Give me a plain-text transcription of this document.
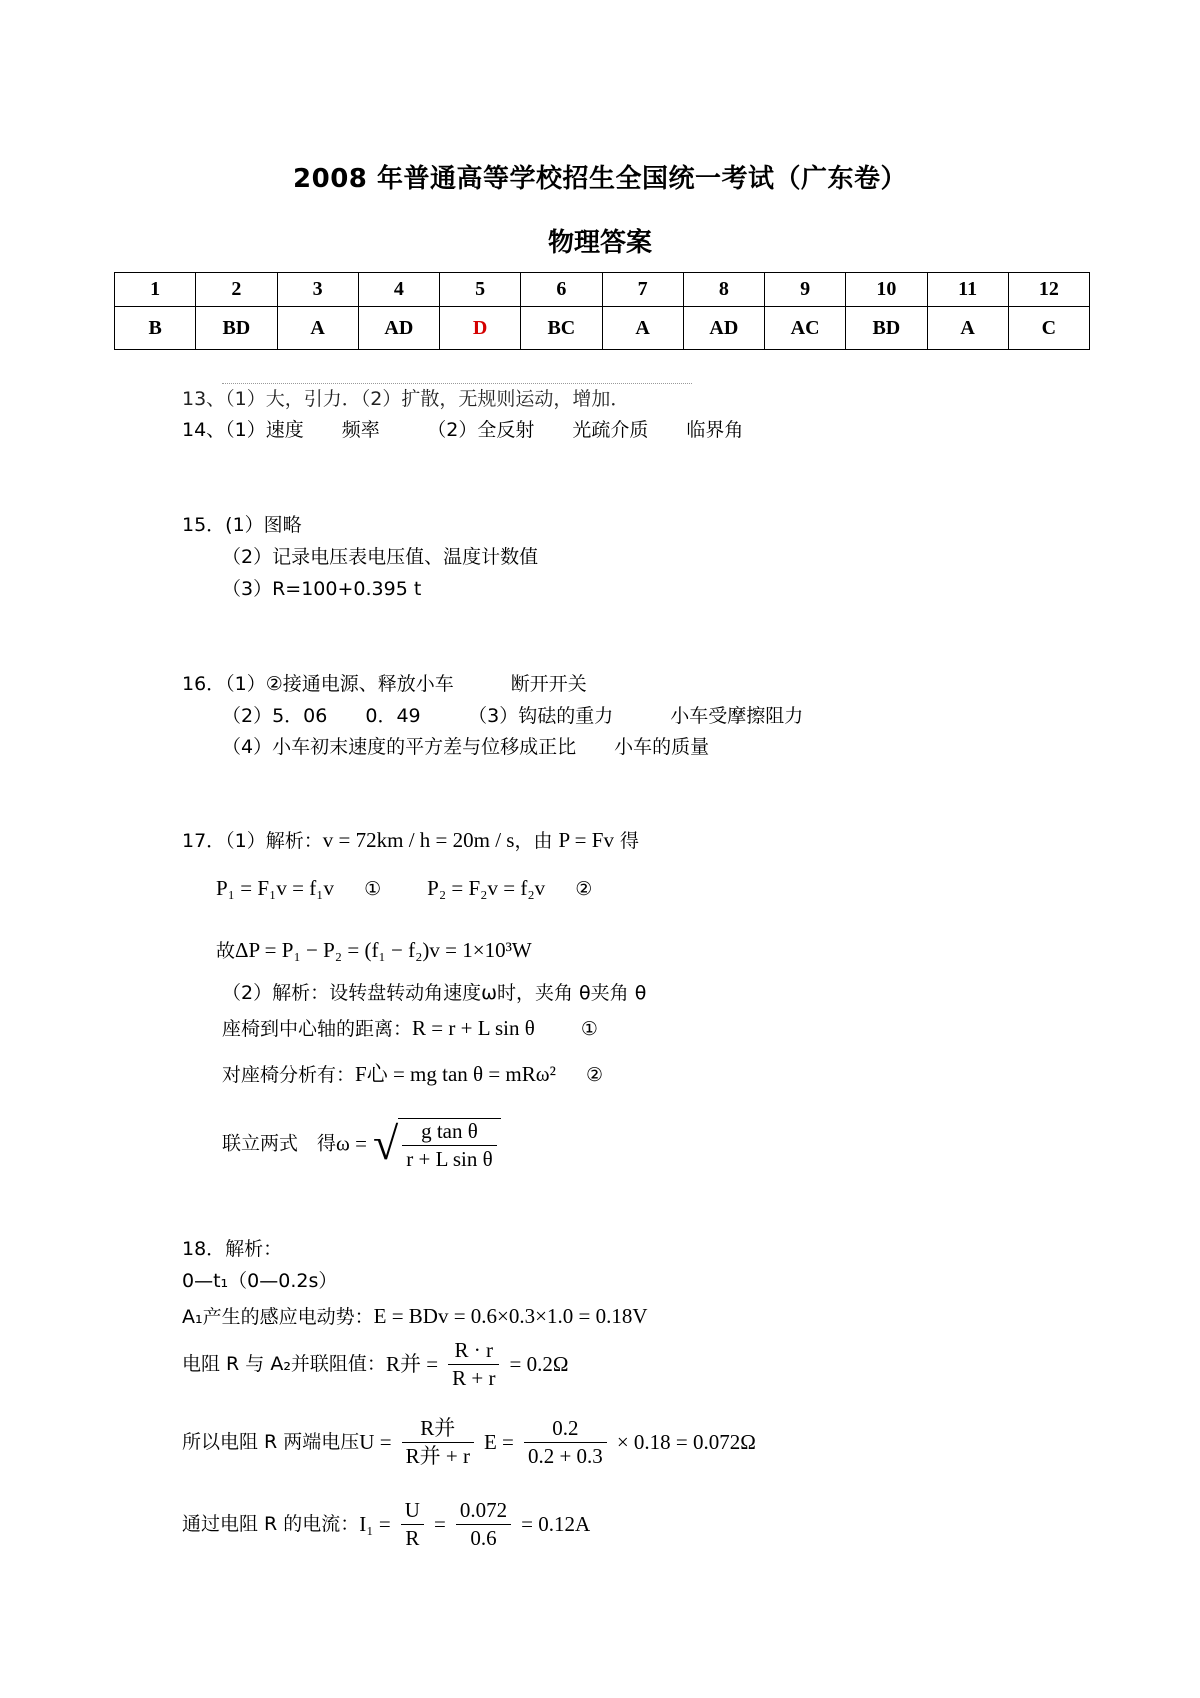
2008 年普通高等学校招生全国统一考试（广东卷）
物理答案
1	2	3	4	5	6	7	8	9	10	11	12
B	BD	A	AD	D	BC	A	AD	AC	BD	A	C
13、（1）大，引力．（2）扩散，无规则运动，增加．
14、（1）速度　　频率　　　（2）全反射　　光疏介质　　临界角
15．(1）图略
（2）记录电压表电压值、温度计数值
（3）R=100+0.395 t
16．（1）②接通电源、释放小车　　　断开开关
（2）5．06　　0．49　　　（3）钩砝的重力　　　小车受摩擦阻力
（4）小车初末速度的平方差与位移成正比　　小车的质量
17．（1）解析：v = 72km / h = 20m / s，由 P = Fv 得
P₁ = F₁v = f₁v ① P₂ = F₂v = f₂v ②
故ΔP = P₁ − P₂ = (f₁ − f₂)v = 1×10³W
（2）解析：设转盘转动角速度ω时，夹角 θ夹角 θ
座椅到中心轴的距离：R = r + L sin θ ①
对座椅分析有：F心 = mg tan θ = mRω² ②
联立两式　得ω = √ $\frac{\text{g tan θ}}{\text{r + L sin θ}}$
18．解析：
0—t₁（0—0.2s）
A₁产生的感应电动势：E = BDv = 0.6×0.3×1.0 = 0.18V
电阻 R 与 A₂并联阻值：R并 = $\frac{R \cdot r}{R + r} = 0.2\Omega$
所以电阻 R 两端电压$U = \frac{\text{R并}}{\text{R并 + r}}$ $E = \frac{0.2}{0.2 + 0.3} \times 0.18 = 0.072\Omega$
通过电阻 R 的电流：$I_1 = \frac{U}{R} = \frac{0.072}{0.6} = 0.12A$
